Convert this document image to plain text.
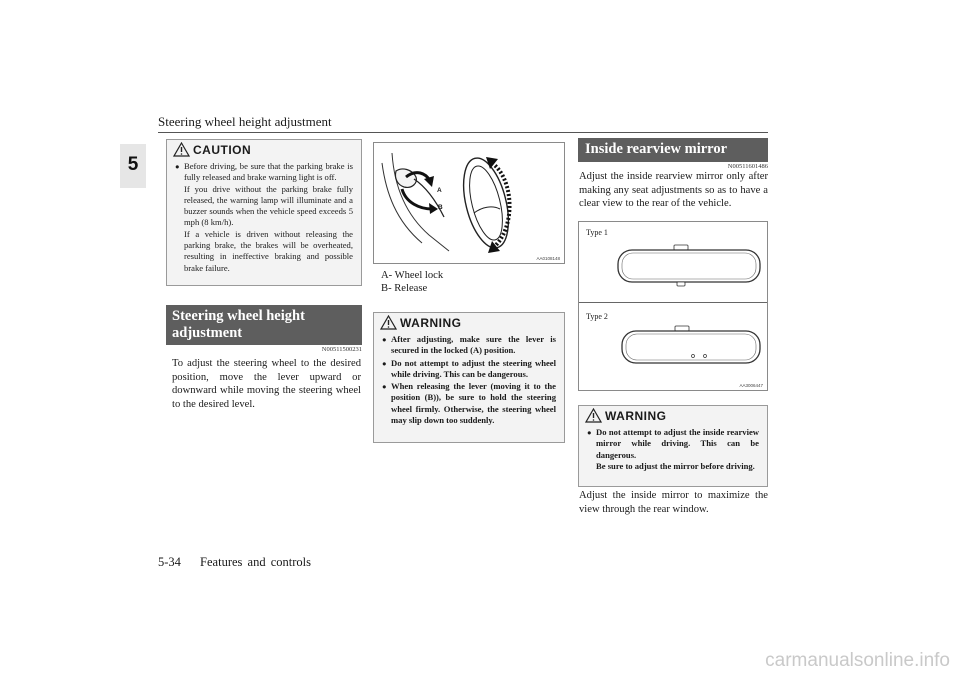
Steering wheel height adjustment
5
CAUTION

● Before driving, be sure that the parking brake is fully released and brake warning light is off.

If you drive without the parking brake fully released, the warning lamp will illuminate and a buzzer sounds when the vehicle speed exceeds 5 mph (8 km/h).

If a vehicle is driven without releasing the parking brake, the brakes will be overheated, resulting in ineffective braking and possible brake failure.

Steering wheel height adjustment
N00511500231
To adjust the steering wheel to the desired position, move the lever upward or downward while moving the steering wheel to the desired level.
AA0108148
A
B
A- Wheel lock
B- Release
WARNING

● After adjusting, make sure the lever is secured in the locked (A) position.

● Do not attempt to adjust the steering wheel while driving. This can be dangerous.

● When releasing the lever (moving it to the position (B)), be sure to hold the steering wheel firmly. Otherwise, the steering wheel may slip down too suddenly.

Inside rearview mirror
N00511601486
Adjust the inside rearview mirror only after making any seat adjustments so as to have a clear view to the rear of the vehicle.
Type 1
Type 2
AA3006447
WARNING

● Do not attempt to adjust the inside rearview mirror while driving. This can be dangerous.

Be sure to adjust the mirror before driving.

Adjust the inside mirror to maximize the view through the rear window.
5-34 Features and controls
carmanualsonline.info
